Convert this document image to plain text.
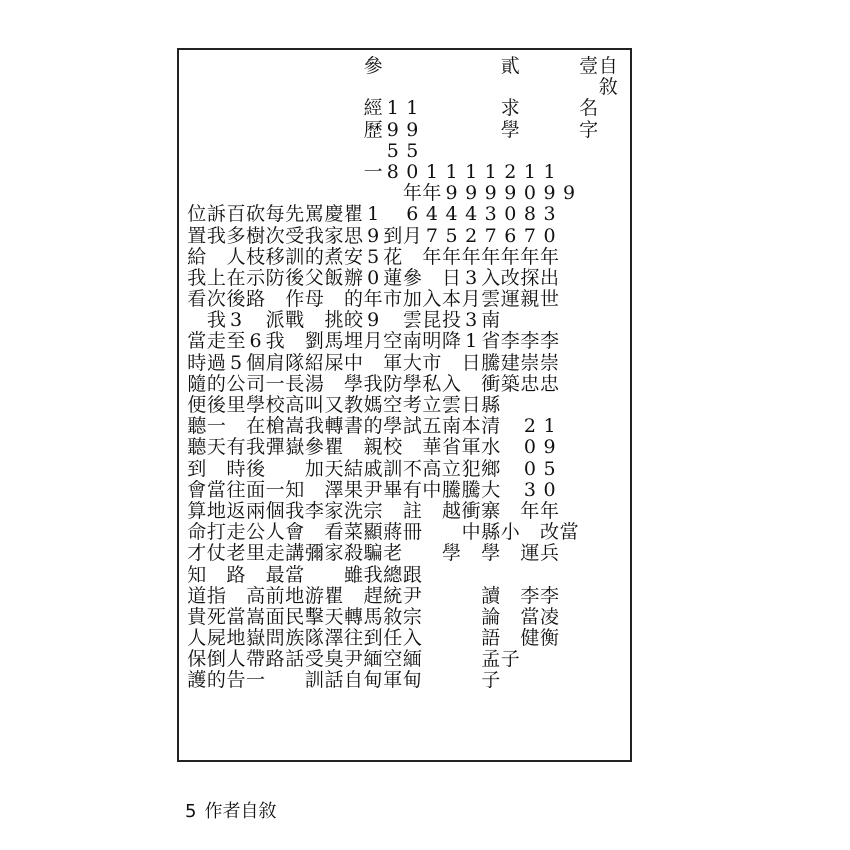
參	貳	壹 自
敘
經 1 1	求	名
歷 9 9	學	字
5 5
一 8 0 1 1 1 1 2 1 1
年 年 9 9 9 9 0 9 9
位 訴 百 砍 每 先 罵 慶 瞿 1 6 4 4 4 3 0 8 3
置 我 多 樹 次 受 我 家 思 9 到 月 7 5 2 7 6 7 0
給 人 枝 移 訓 的 煮 安 5 花 年 年 年 年 年 年 年
我 上 在 示 防 後 父 飯 辦 0 蓮 參 日 3 入 改 探 出
看 次 後 路 作 母 的 年 市 加 入 本 月 雲 運 親 世
我 3 派 戰 挑 皎 9 雲 昆 投 3 南
當 走 至 6 我 劉 馬 埋 月 空 南 明 降 1 省 李 李 李
時 過 5 個 肩 隊 紹 屎 中 軍 大 市 日 騰 建 崇 崇
隨 的 公 司 一 長 湯 學 我 防 學 私 入 衝 築 忠 忠
便 後 里 學 校 高 叫 又 教 媽 空 考 立 雲 日 縣
聽 一 在 槍 嵩 我 轉 書 的 學 試 五 南 本 清 2 1
聽 天 有 我 彈 嶽 參 瞿 親 校 華 省 軍 水 0 9
到 時 後 加 天 結 戚 訓 不 高 立 犯 鄉 0 5
會 當 往 面 一 知 澤 果 尹 畢 有 中 騰 騰 大 3 0
算 地 返 兩 個 我 李 家 洗 宗 註 越 衝 寨 年 年
命 打 走 公 人 會 看 菜 顯 蔣 冊 中 縣 小 改 當
才 仗 老 里 走 講 彌 家 殺 騙 老 學 學 運 兵
知 路 最 當 雖 我 總 跟
道 指 高 前 地 游 瞿 趕 統 尹	讀 李 李
貴 死 當 嵩 面 民 擊 天 轉 馬 敘 宗	論 當 凌
人 屍 地 嶽 問 族 隊 澤 往 到 任 入	語 健 衡
保 倒 人 帶 路 話 受 臭 尹 緬 空 緬	孟 子
護 的 告 一 訓 話 自 甸 軍 甸	子
5 作者自敘
